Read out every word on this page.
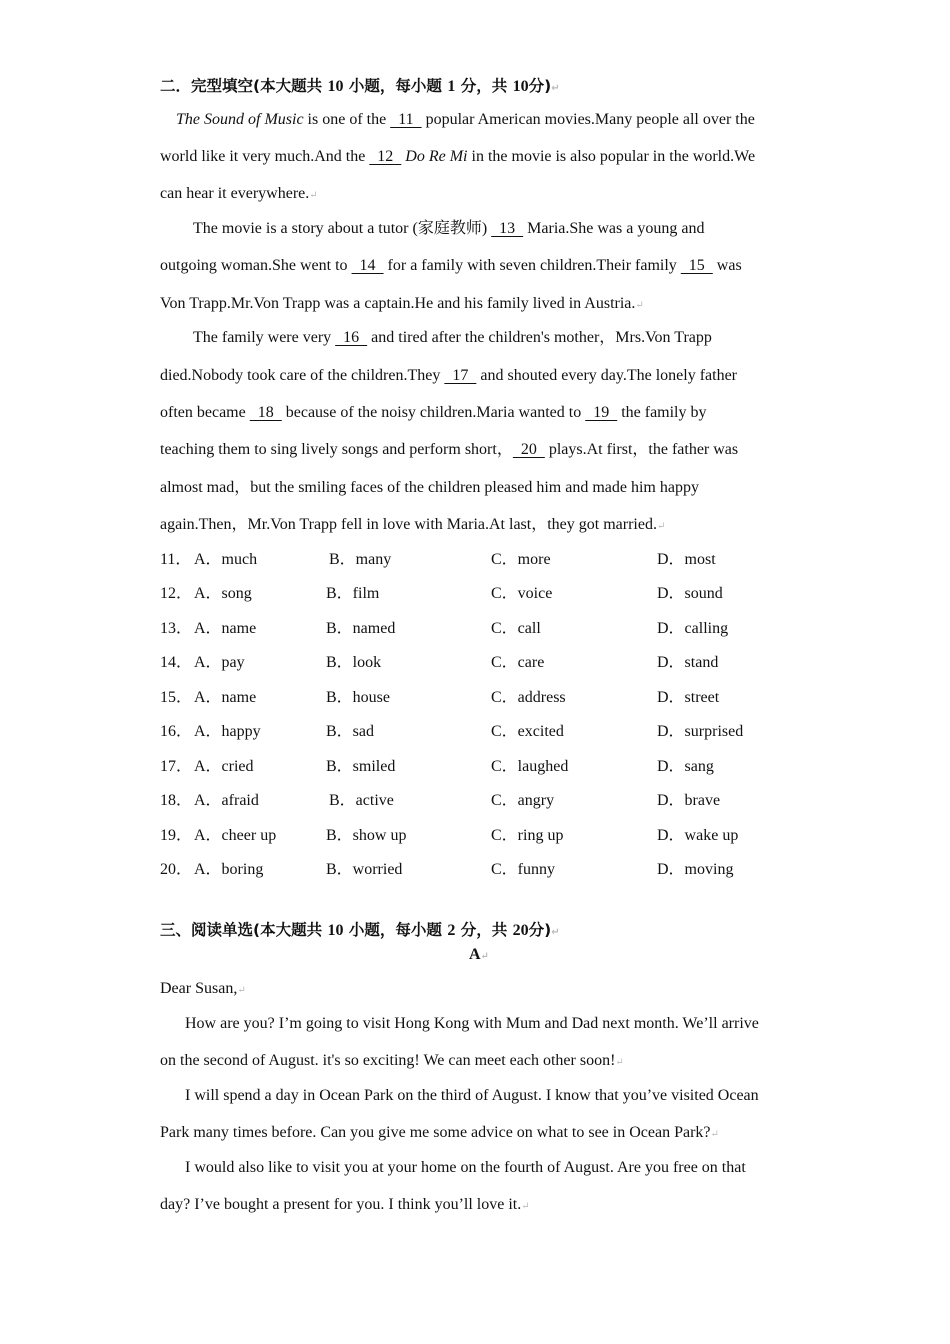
二．完型填空(本大题共 10 小题，每小题 1 分，共 10分)↵
The Sound of Music is one of the   11   popular American movies.Many people all over the
world like it very much.And the   12   Do Re Mi in the movie is also popular in the world.We
can hear it everywhere.↵
The movie is a story about a tutor (家庭教师)   13   Maria.She was a young and
outgoing woman.She went to   14   for a family with seven children.Their family   15   was
Von Trapp.Mr.Von Trapp was a captain.He and his family lived in Austria.↵
The family were very   16   and tired after the children's mother，Mrs.Von Trapp
died.Nobody took care of the children.They   17   and shouted every day.The lonely father
often became   18   because of the noisy children.Maria wanted to   19   the family by
teaching them to sing lively songs and perform short，  20   plays.At first，the father was
almost mad，but the smiling faces of the children pleased him and made him happy
again.Then，Mr.Von Trapp fell in love with Maria.At last，they got married.↵
11． A．much	B．many	C．more	D．most
12． A．song	B．film	C．voice	D．sound
13． A．name	B．named	C．call	D．calling
14． A．pay	B．look	C．care	D．stand
15． A．name	B．house	C．address	D．street
16． A．happy	B．sad	C．excited	D．surprised
17． A．cried	B．smiled	C．laughed	D．sang
18． A．afraid	B．active	C．angry	D．brave
19． A．cheer up	B．show up	C．ring up	D．wake up
20． A．boring	B．worried	C．funny	D．moving
三、阅读单选(本大题共 10 小题，每小题 2 分，共 20分)↵
A↵
Dear Susan,↵
How are you? I’m going to visit Hong Kong with Mum and Dad next month. We’ll arrive
on the second of August. it's so exciting! We can meet each other soon!↵
I will spend a day in Ocean Park on the third of August. I know that you’ve visited Ocean
Park many times before. Can you give me some advice on what to see in Ocean Park?↵
I would also like to visit you at your home on the fourth of August. Are you free on that
day? I’ve bought a present for you. I think you’ll love it.↵
